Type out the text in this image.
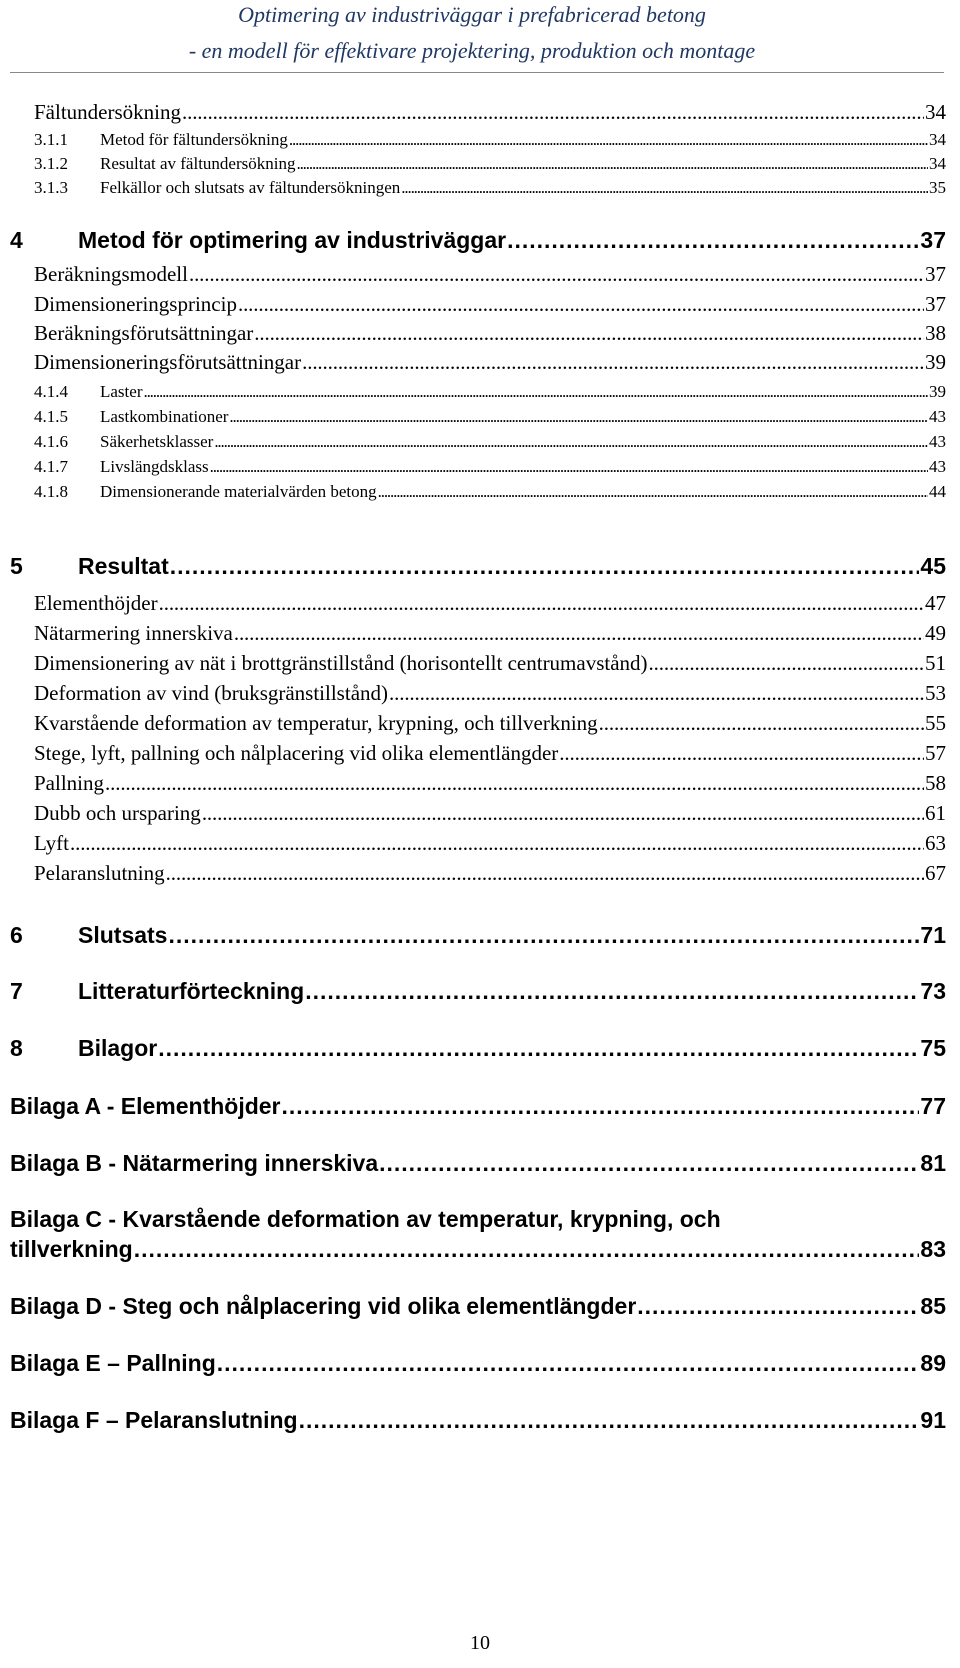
Optimering av industriväggar i prefabricerad betong
- en modell för effektivare projektering, produktion och montage
Fältundersökning . . .	34
3.1.1	Metod för fältundersökning . . .	34
3.1.2	Resultat av fältundersökning . . .	34
3.1.3	Felkällor och slutsats av fältundersökningen . . .	35
4	Metod för optimering av industriväggar . . .	37
Beräkningsmodell . . .	37
Dimensioneringsprincip . . .	37
Beräkningsförutsättningar . . .	38
Dimensioneringsförutsättningar . . .	39
4.1.4	Laster . . .	39
4.1.5	Lastkombinationer . . .	43
4.1.6	Säkerhetsklasser . . .	43
4.1.7	Livslängdsklass . . .	43
4.1.8	Dimensionerande materialvärden betong . . .	44
5	Resultat . . .	45
Elementhöjder . . .	47
Nätarmering innerskiva . . .	49
Dimensionering av nät i brottgränstillstånd (horisontellt centrumavstånd) . . .	51
Deformation av vind (bruksgränstillstånd) . . .	53
Kvarstående deformation av temperatur, krypning, och tillverkning . . .	55
Stege, lyft, pallning och nålplacering vid olika elementlängder . . .	57
Pallning . . .	58
Dubb och ursparing . . .	61
Lyft . . .	63
Pelaranslutning . . .	67
6	Slutsats . . .	71
7	Litteraturförteckning . . .	73
8	Bilagor . . .	75
Bilaga A - Elementhöjder . . .	77
Bilaga B - Nätarmering innerskiva . . .	81
Bilaga C - Kvarstående deformation av temperatur, krypning, och
tillverkning . . .	83
Bilaga D - Steg och nålplacering vid olika elementlängder . . .	85
Bilaga E – Pallning . . .	89
Bilaga F – Pelaranslutning . . .	91
10
